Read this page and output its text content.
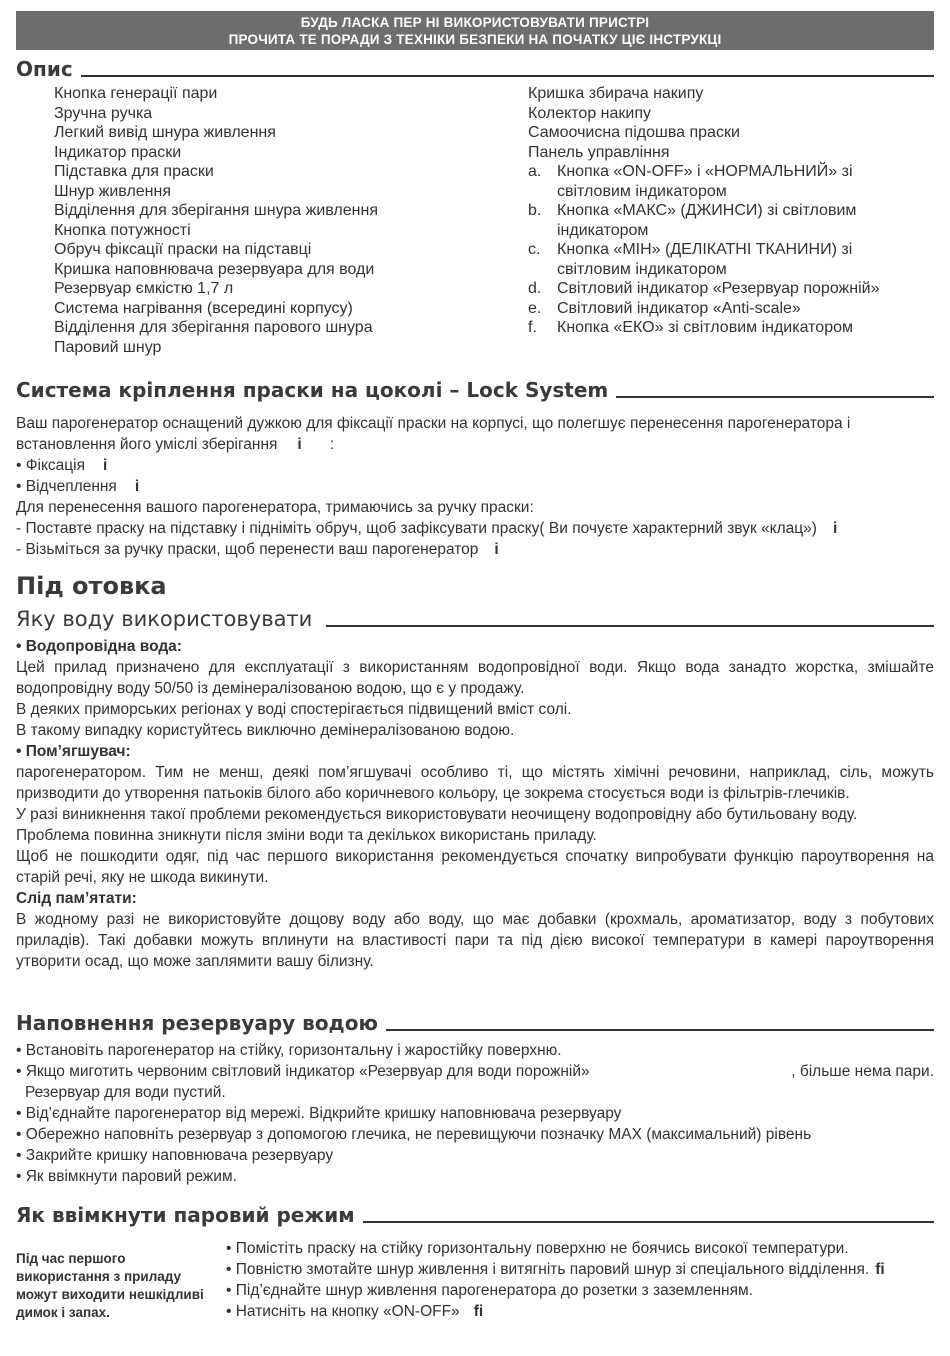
БУДЬ ЛАСКА ПЕР НІ ВИКОРИСТОВУВАТИ ПРИСТРІ
ПРОЧИТА ТЕ ПОРАДИ З ТЕХНІКИ БЕЗПЕКИ НА ПОЧАТКУ ЦІЄ ІНСТРУКЦІ
Опис
Кнопка генерації пари
Зручна ручка
Легкий вивід шнура живлення
Індикатор праски
Підставка для праски
Шнур живлення
Відділення для зберігання шнура живлення
Кнопка потужності
Обруч фіксації праски на підставці
Кришка наповнювача резервуара для води
Резервуар ємкістю 1,7 л
Система нагрівання (всередині корпусу)
Відділення для зберігання парового шнура
Паровий шнур
Кришка збирача накипу
Колектор накипу
Самоочисна підошва праски
Панель управління
a. Кнопка «ON-OFF» і «НОРМАЛЬНИЙ» зі світловим індикатором
b. Кнопка «МАКС» (ДЖИНСИ) зі світловим індикатором
c.	Кнопка «МІН» (ДЕЛІКАТНІ ТКАНИНИ) зі світловим індикатором
d. Світловий індикатор «Резервуар порожній»
e. Світловий індикатор «Anti-scale»
f.	Кнопка «ЕКО» зі світловим індикатором
Система кріплення праски на цоколі – Lock System

Ваш парогенератор оснащений дужкою для фіксації праски на корпусі, що полегшує перенесення парогенератора і встановлення його уміслі зберігання i :

• Фіксація i

• Відчеплення i

Для перенесення вашого парогенератора, тримаючись за ручку праски:

- Поставте праску на підставку і підніміть обруч, щоб зафіксувати праску( Ви почуєте характерний звук «клац») i

- Візьміться за ручку праски, щоб перенести ваш парогенератор i

Під отовка
Яку воду використовувати

• Водопровідна вода:

Цей прилад призначено для експлуатації з використанням водопровідної води. Якщо вода занадто жорстка, змішайте водопровідну воду 50/50 із демінералізованою водою, що є у продажу.

В деяких приморських регіонах у воді спостерігається підвищений вміст солі.

В такому випадку користуйтесь виключно демінералізованою водою.

• Пом’ягшувач:

парогенератором. Тим не менш, деякі пом’ягшувачі особливо ті, що містять хімічні речовини, наприклад, сіль, можуть призводити до утворення патьоків білого або коричневого кольору, це зокрема стосується води із фільтрів-глечиків.

У разі виникнення такої проблеми рекомендується використовувати неочищену водопровідну або бутильовану воду.

Проблема повинна зникнути після зміни води та декількох використань приладу.

Щоб не пошкодити одяг, під час першого використання рекомендується спочатку випробувати функцію пароутворення на старій речі, яку не шкода викинути.

Слід пам’ятати:

В жодному разі не використовуйте дощову воду або воду, що має добавки (крохмаль, ароматизатор, воду з побутових приладів). Такі добавки можуть вплинути на властивості пари та під дією високої температури в камері пароутворення утворити осад, що може заплямити вашу білизну.

Наповнення резервуару водою

• Встановіть парогенератор на стійку, горизонтальну і жаростійку поверхню.

• Якщо миготить червоним світловий індикатор «Резервуар для води порожній»	, більше нема пари.

Резервуар для води пустий.

• Від’єднайте парогенератор від мережі. Відкрийте кришку наповнювача резервуару

• Обережно наповніть резервуар з допомогою глечика, не перевищуючи позначку MAX (максимальний) рівень

• Закрийте кришку наповнювача резервуару

• Як ввімкнути паровий режим.

Як ввімкнути паровий режим
Під час першого використання з приладу можут виходити нешкідливі димок і запах.

• Помістіть праску на стійку горизонтальну поверхню не боячись високої температури.

• Повністю змотайте шнур живлення і витягніть паровий шнур зі спеціального відділення. fi

• Під’єднайте шнур живлення парогенератора до розетки з заземленням.

• Натисніть на кнопку «ON-OFF» fi
